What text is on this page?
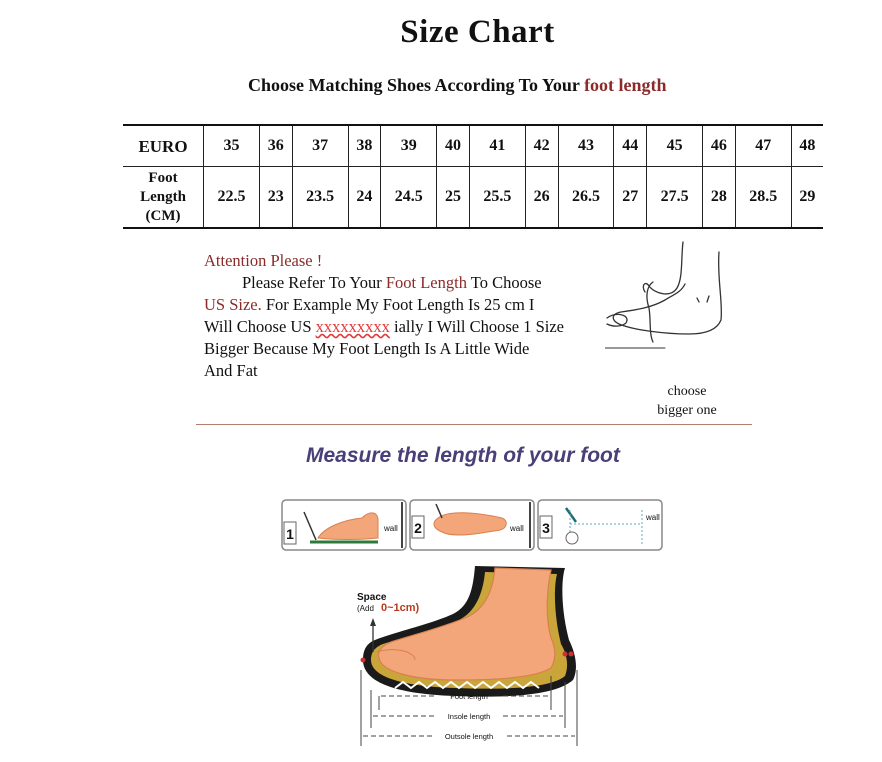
Size Chart
Choose Matching Shoes According To Your foot length
EURO	35	36	37	38	39	40	41	42	43	44	45	46	47	48

Foot
Length
(CM)	22.5	23	23.5	24	24.5	25	25.5	26	26.5	27	27.5	28	28.5	29
Attention Please !
Please Refer To Your Foot Length To Choose
US Size. For Example My Foot Length Is 25 cm I
Will Choose US xxxxxxxxx ially I Will Choose 1 Size
Bigger Because My Foot Length Is A Little Wide
And Fat
choose
bigger one
Measure the length of your foot
1	wall 2	wall 3
wall
Space
(Add 0~1cm)
Foot length
Insole length
Outsole length
